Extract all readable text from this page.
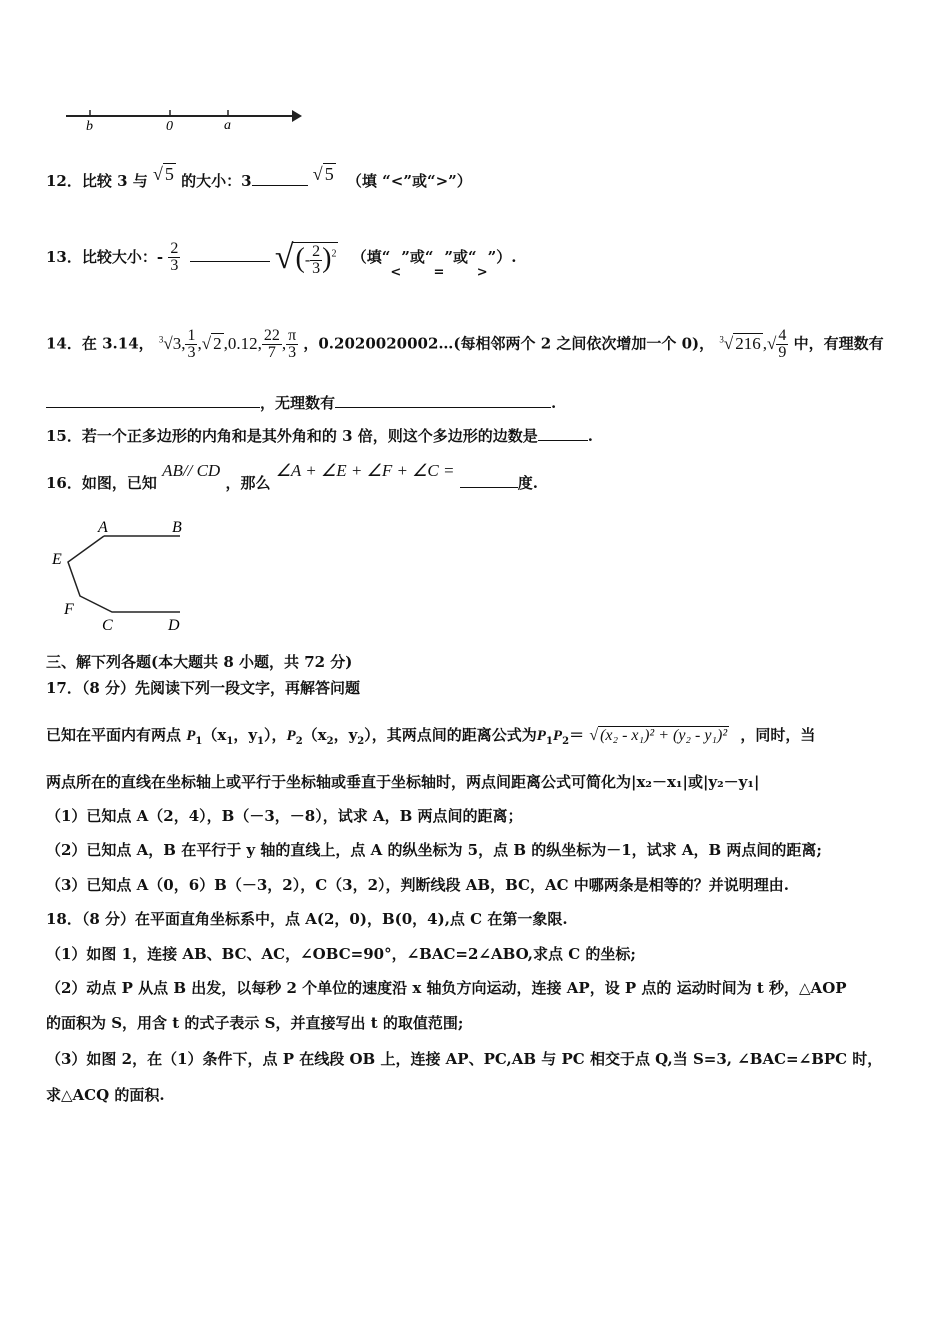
b	0	a
12．比较 3 与 √ 5 的大小：3	√ 5 （填 “<”或“>”）
13．比较大小：- $\frac{2}{3}$	√(- $\frac{2}{3} )^2$ （填“<”或“=”或“>”）.
14．在 3.14， $^3$√3, $\frac{1}{3}$ ,√ 2 ,0.12, $\frac{22}{7}$ , $\frac{\pi}{3}$ ，0.2020020002…(每相邻两个 2 之间依次增加一个 0)， $^3$√ 216 ,√ $\frac{4}{9}$ 中，有理数有
，无理数有	.
15．若一个正多边形的内角和是其外角和的 3 倍，则这个多边形的边数是	.
16．如图，已知 AB// CD ，那么 ∠A + ∠E + ∠F + ∠C = 度.
A	B
E
F
C	D
三、解下列各题(本大题共 8 小题，共 72 分)
17．（8 分）先阅读下列一段文字，再解答问题
已知在平面内有两点 $P_1(x_1$，$y_1$），$P_2(x_2$，$y_2$），其两点间的距离公式为$P_1P_2=$ √ (x₂ - x₁)² + (y₂ - y₁)² ，同时，当
两点所在的直线在坐标轴上或平行于坐标轴或垂直于坐标轴时，两点间距离公式可简化为|x₂－x₁|或|y₂－y₁|
（1）已知点 A（2，4），B（－3，－8），试求 A，B 两点间的距离；
（2）已知点 A，B 在平行于 y 轴的直线上，点 A 的纵坐标为 5，点 B 的纵坐标为－1，试求 A，B 两点间的距离;
（3）已知点 A（0，6）B（－3，2），C（3，2），判断线段 AB，BC，AC 中哪两条是相等的？并说明理由.
18．（8 分）在平面直角坐标系中，点 A(2，0)，B(0，4),点 C 在第一象限.
（1）如图 1，连接 AB、BC、AC，∠OBC=90°，∠BAC=2∠ABO,求点 C 的坐标;
（2）动点 P 从点 B 出发，以每秒 2 个单位的速度沿 x 轴负方向运动，连接 AP，设 P 点的 运动时间为 t 秒，△AOP
的面积为 S，用含 t 的式子表示 S，并直接写出 t 的取值范围;
（3）如图 2，在（1）条件下，点 P 在线段 OB 上，连接 AP、PC,AB 与 PC 相交于点 Q,当 S=3, ∠BAC=∠BPC 时，
求△ACQ 的面积.
